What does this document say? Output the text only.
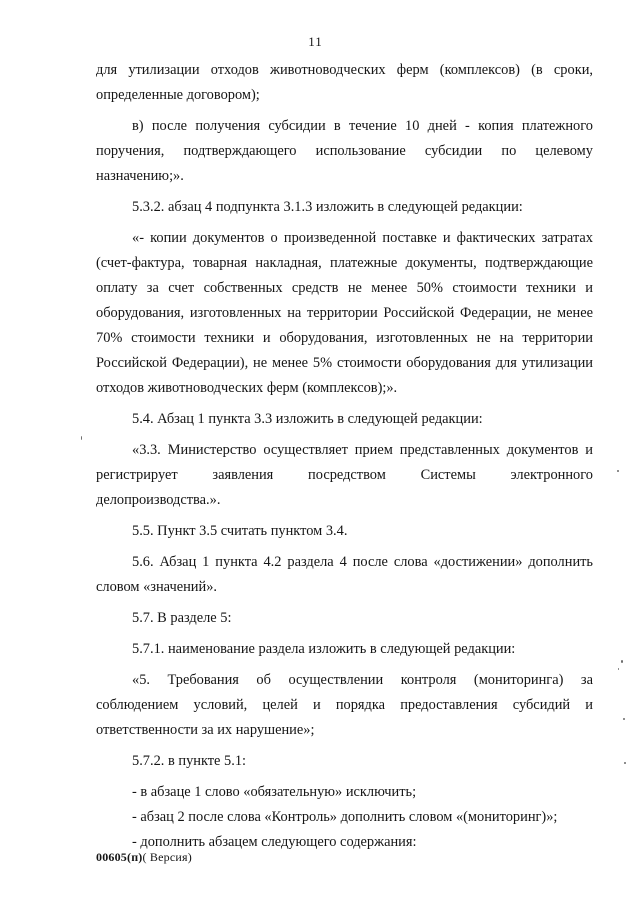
11

для утилизации отходов животноводческих ферм (комплексов) (в сроки, определенные договором);

в) после получения субсидии в течение 10 дней - копия платежного поручения, подтверждающего использование субсидии по целевому назначению;».

5.3.2. абзац 4 подпункта 3.1.3 изложить в следующей редакции:

«- копии документов о произведенной поставке и фактических затратах (счет-фактура, товарная накладная, платежные документы, подтверждающие оплату за счет собственных средств не менее 50% стоимости техники и оборудования, изготовленных на территории Российской Федерации, не менее 70% стоимости техники и оборудования, изготовленных не на территории Российской Федерации), не менее 5% стоимости оборудования для утилизации отходов животноводческих ферм (комплексов);».

5.4. Абзац 1 пункта 3.3 изложить в следующей редакции:

«3.3. Министерство осуществляет прием представленных документов и регистрирует заявления посредством Системы электронного делопроизводства.».

5.5. Пункт 3.5 считать пунктом 3.4.

5.6. Абзац 1 пункта 4.2 раздела 4 после слова «достижении» дополнить словом «значений».

5.7. В разделе 5:

5.7.1. наименование раздела изложить в следующей редакции:

«5. Требования об осуществлении контроля (мониторинга) за соблюдением условий, целей и порядка предоставления субсидий и ответственности за их нарушение»;

5.7.2. в пункте 5.1:

- в абзаце 1 слово «обязательную» исключить;

- абзац 2 после слова «Контроль» дополнить словом «(мониторинг)»;

- дополнить абзацем следующего содержания:

00605(п)( Версия)
